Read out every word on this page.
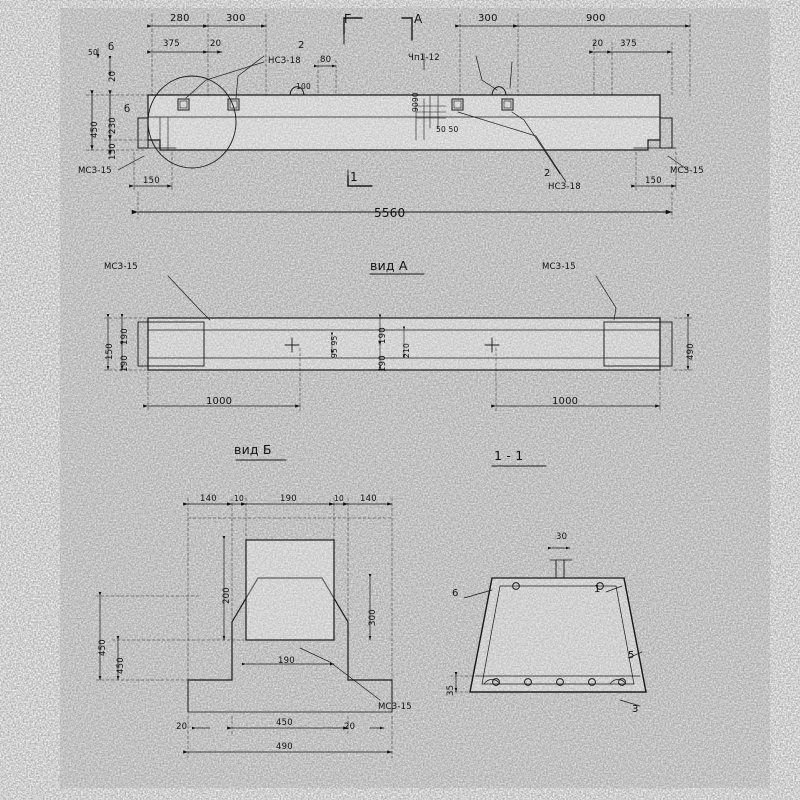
280	300	300	900
375	20	20 375
80
100
9090
50 50
2
НСЗ-18	Чп1-12
2
НСЗ-18
б
б
Г	А
450 230
150
20
50
МСЗ-15	МСЗ-15
150	150
5560
1
вид А
МСЗ-15	МСЗ-15
150
190
190
190
190
95 95	210	490
1000	1000
вид Б	1 - 1
140 10	190	10 140
200
300
450
450	190
450
490
20	20
МСЗ-15
30
35
6	1
5
3
